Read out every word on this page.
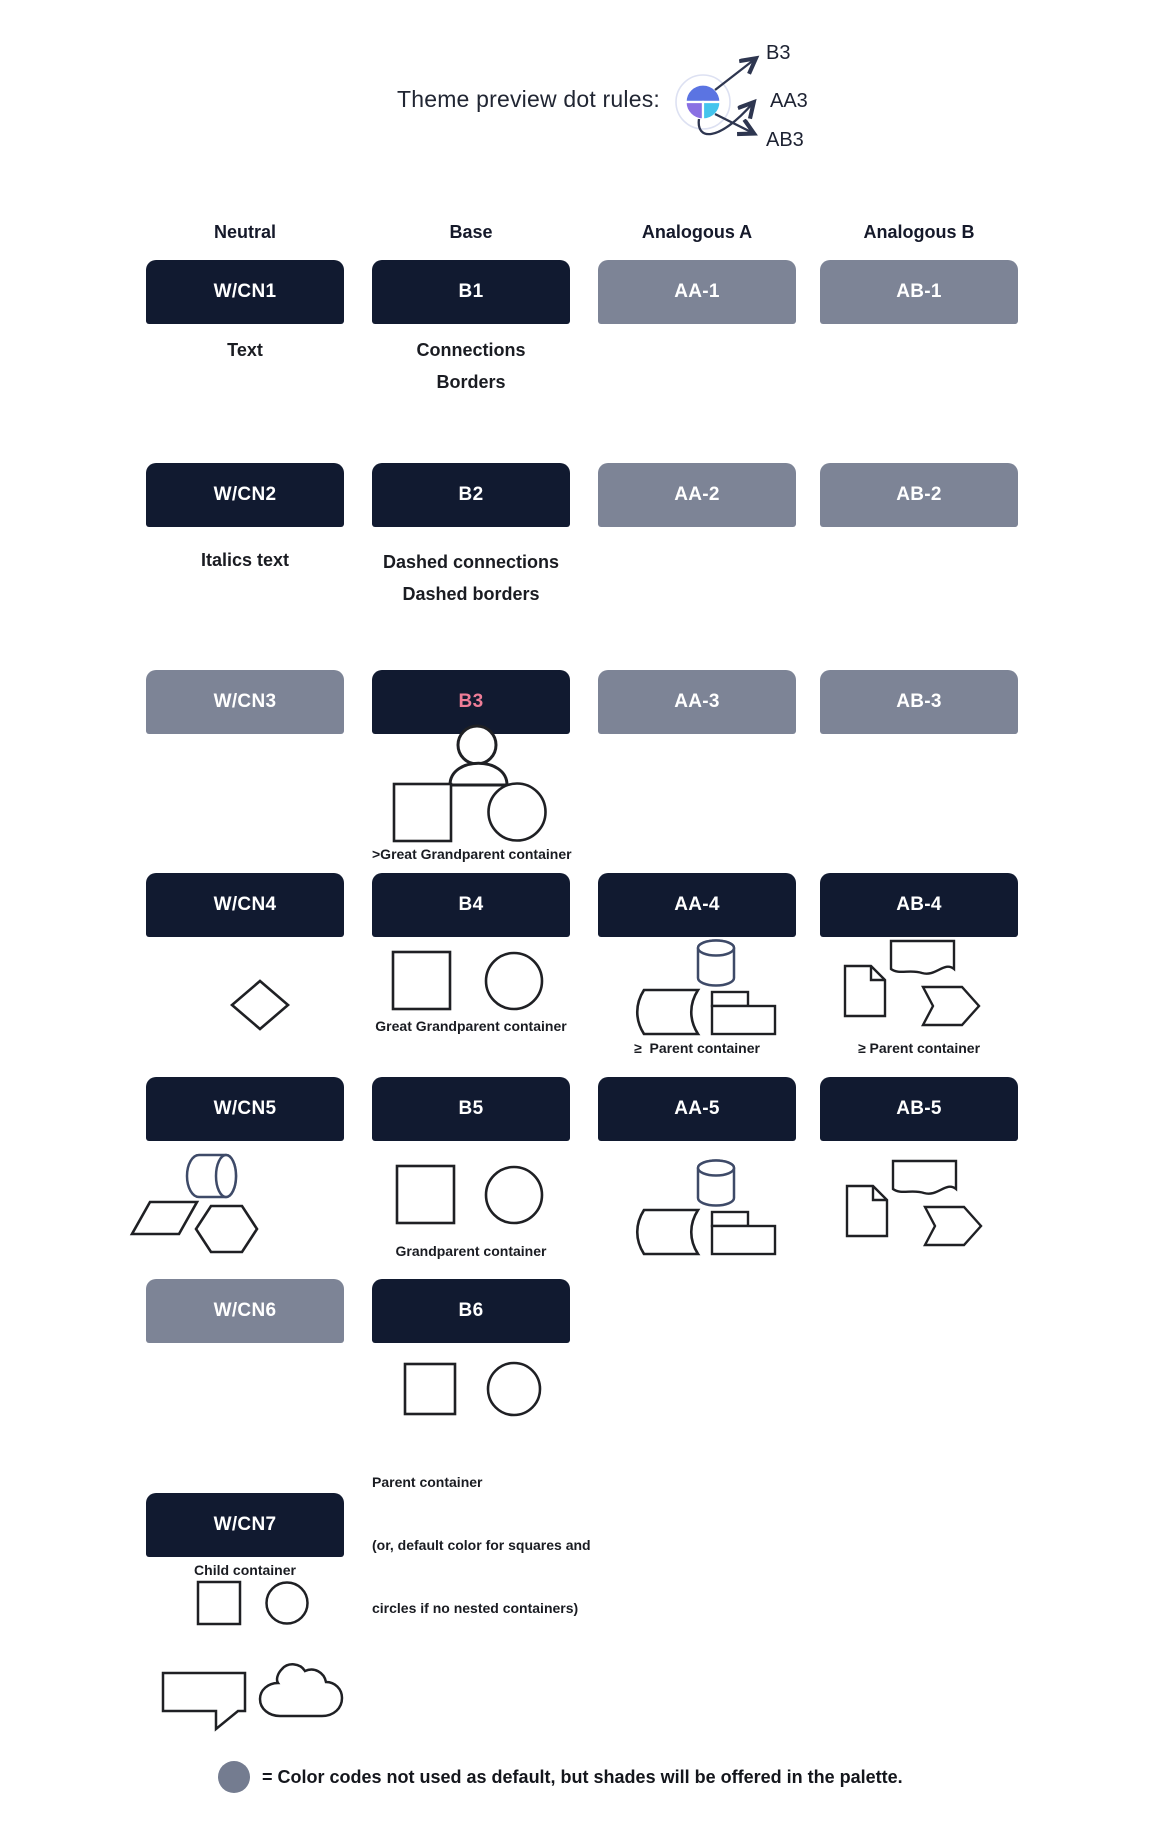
Theme preview dot rules:
B3
AA3
AB3
Neutral	Base	Analogous A	Analogous B
W/CN1	B1	AA-1	AB-1
Text	Connections
Borders
W/CN2	B2	AA-2	AB-2
Italics text	Dashed connections
Dashed borders
W/CN3	B3	AA-3	AB-3
>Great Grandparent container
W/CN4	B4	AA-4	AB-4
Great Grandparent container
≥  Parent container	≥ Parent container
W/CN5	B5	AA-5	AB-5
Grandparent container
W/CN6	B6

Parent container

(or, default color for squares and

circles if no nested containers)

W/CN7
Child container
= Color codes not used as default, but shades will be offered in the palette.
